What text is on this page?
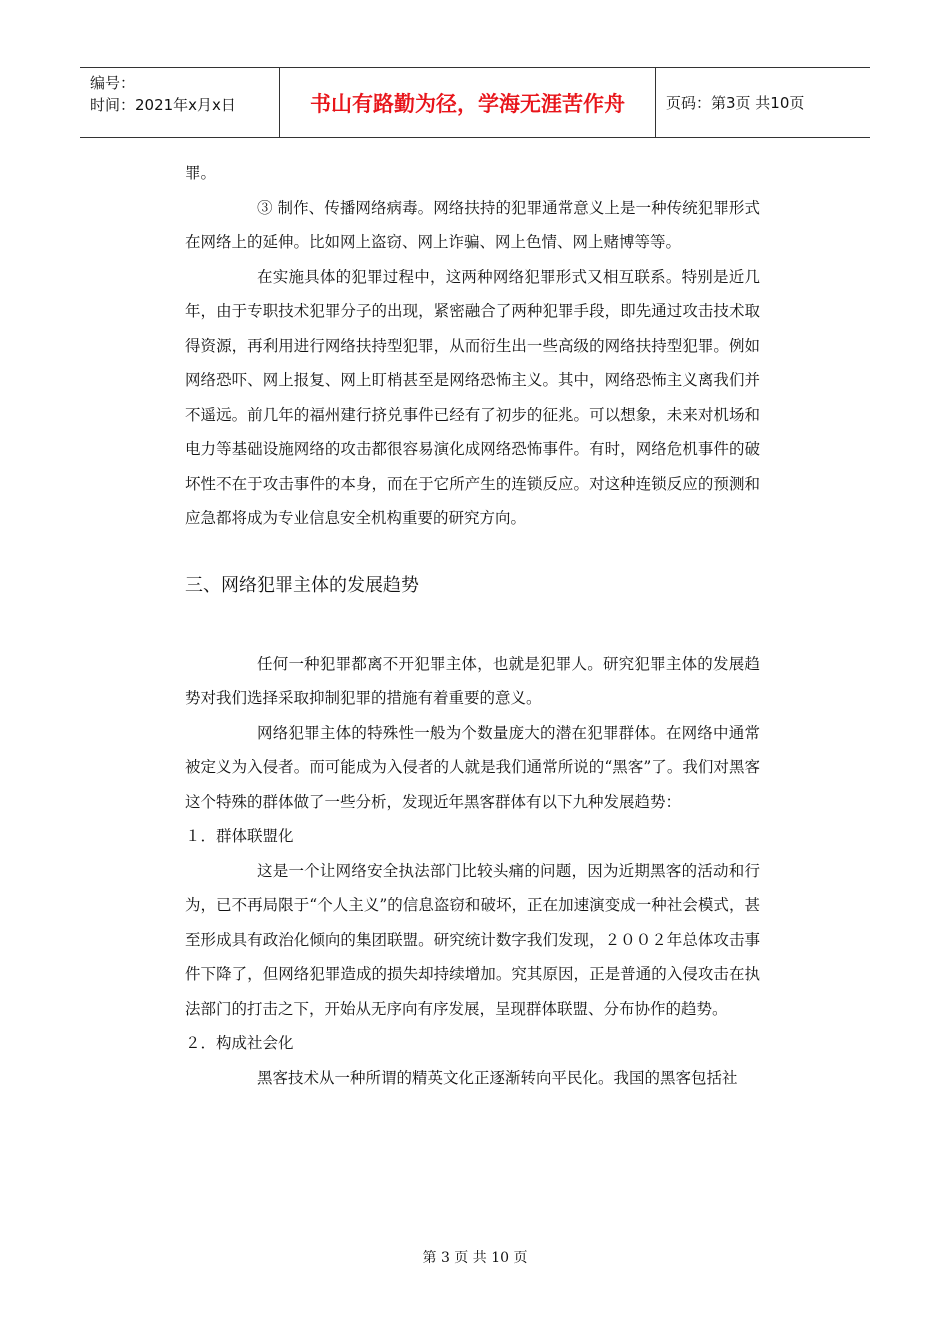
编号：
时间：2021年x月x日	书山有路勤为径，学海无涯苦作舟	页码：第3页 共10页

罪。

③ 制作、传播网络病毒。网络扶持的犯罪通常意义上是一种传统犯罪形式在网络上的延伸。比如网上盗窃、网上诈骗、网上色情、网上赌博等等。

在实施具体的犯罪过程中，这两种网络犯罪形式又相互联系。特别是近几年，由于专职技术犯罪分子的出现，紧密融合了两种犯罪手段，即先通过攻击技术取得资源，再利用进行网络扶持型犯罪，从而衍生出一些高级的网络扶持型犯罪。例如网络恐吓、网上报复、网上盯梢甚至是网络恐怖主义。其中，网络恐怖主义离我们并不遥远。前几年的福州建行挤兑事件已经有了初步的征兆。可以想象，未来对机场和电力等基础设施网络的攻击都很容易演化成网络恐怖事件。有时，网络危机事件的破坏性不在于攻击事件的本身，而在于它所产生的连锁反应。对这种连锁反应的预测和应急都将成为专业信息安全机构重要的研究方向。

三、网络犯罪主体的发展趋势

任何一种犯罪都离不开犯罪主体，也就是犯罪人。研究犯罪主体的发展趋势对我们选择采取抑制犯罪的措施有着重要的意义。

网络犯罪主体的特殊性一般为个数量庞大的潜在犯罪群体。在网络中通常被定义为入侵者。而可能成为入侵者的人就是我们通常所说的“黑客”了。我们对黑客这个特殊的群体做了一些分析，发现近年黑客群体有以下九种发展趋势：

１．群体联盟化

这是一个让网络安全执法部门比较头痛的问题，因为近期黑客的活动和行为，已不再局限于“个人主义”的信息盗窃和破坏，正在加速演变成一种社会模式，甚至形成具有政治化倾向的集团联盟。研究统计数字我们发现，２００２年总体攻击事件下降了，但网络犯罪造成的损失却持续增加。究其原因，正是普通的入侵攻击在执法部门的打击之下，开始从无序向有序发展，呈现群体联盟、分布协作的趋势。

２．构成社会化

黑客技术从一种所谓的精英文化正逐渐转向平民化。我国的黑客包括社

第 3 页 共 10 页
